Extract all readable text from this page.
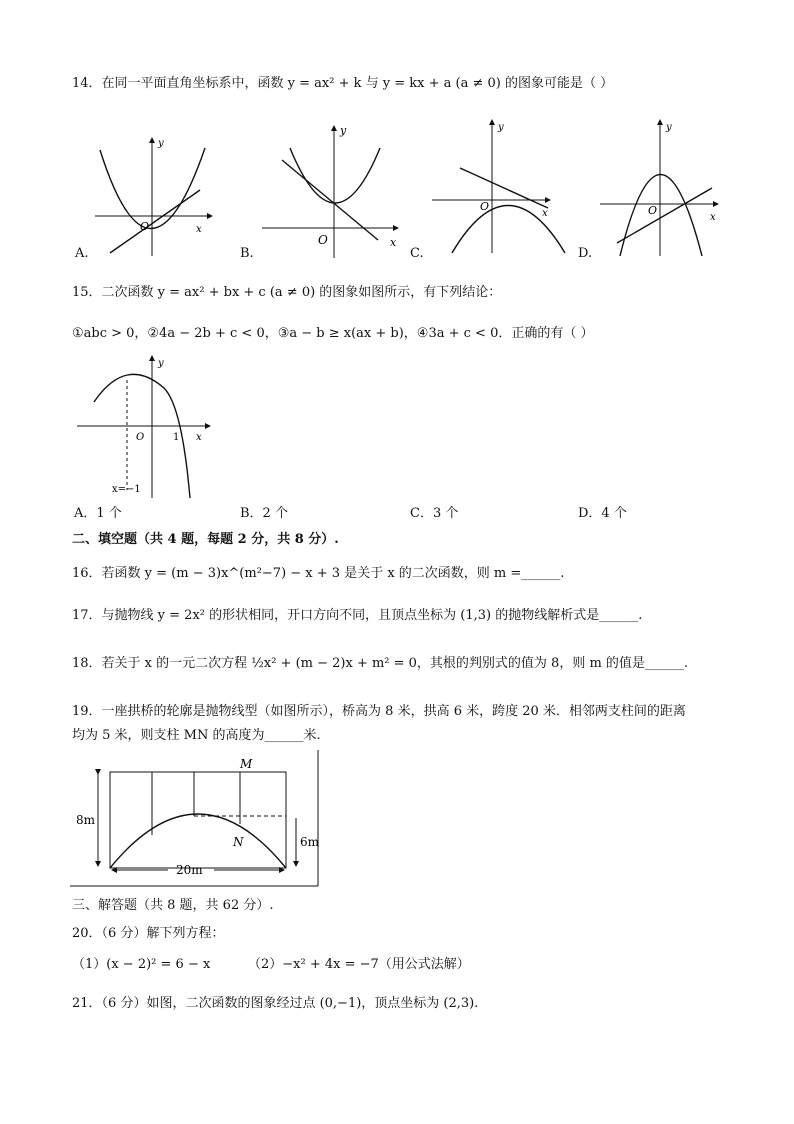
14．在同一平面直角坐标系中，函数 y = ax² + k 与 y = kx + a (a ≠ 0) 的图象可能是（ ）
O
y
x
O
y
x
O
y
x	O
y
x
A.	B.	C.	D.
15．二次函数 y = ax² + bx + c (a ≠ 0) 的图象如图所示，有下列结论：
①abc > 0，②4a − 2b + c < 0，③a − b ≥ x(ax + b)，④3a + c < 0．正确的有（ ）
y
O	1 x
x=−1
A．1 个	B．2 个	C．3 个	D．4 个
二、填空题（共 4 题，每题 2 分，共 8 分）.
16．若函数 y = (m − 3)x^(m²−7) − x + 3 是关于 x 的二次函数，则 m =______.
17．与抛物线 y = 2x² 的形状相同，开口方向不同，且顶点坐标为 (1,3) 的抛物线解析式是______.
18．若关于 x 的一元二次方程 ½x² + (m − 2)x + m² = 0，其根的判别式的值为 8，则 m 的值是______.
19．一座拱桥的轮廓是抛物线型（如图所示），桥高为 8 米，拱高 6 米，跨度 20 米．相邻两支柱间的距离
均为 5 米，则支柱 MN 的高度为______米.
M
N
8m
6m
20m
三、解答题（共 8 题，共 62 分）.
20．（6 分）解下列方程：
（1）(x − 2)² = 6 − x	（2）−x² + 4x = −7（用公式法解）
21．（6 分）如图，二次函数的图象经过点 (0,−1)，顶点坐标为 (2,3).
